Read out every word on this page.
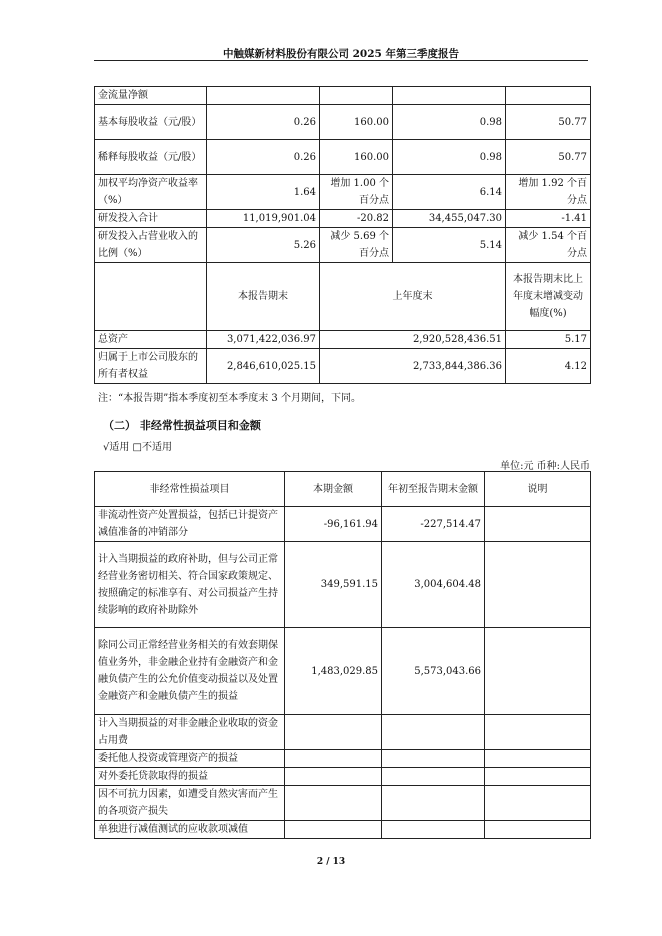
中触媒新材料股份有限公司 2025 年第三季度报告
金流量净额				
基本每股收益（元/股）	0.26	160.00	0.98	50.77
稀释每股收益（元/股）	0.26	160.00	0.98	50.77
加权平均净资产收益率（%）	1.64	增加 1.00 个百分点	6.14	增加 1.92 个百分点
研发投入合计	11,019,901.04	-20.82	34,455,047.30	-1.41
研发投入占营业收入的比例（%）	5.26	减少 5.69 个百分点	5.14	减少 1.54 个百分点
	本报告期末	上年度末		本报告期末比上年度末增减变动幅度(%)
总资产	3,071,422,036.97	2,920,528,436.51		5.17
归属于上市公司股东的所有者权益	2,846,610,025.15	2,733,844,386.36		4.12
注：“本报告期”指本季度初至本季度末 3 个月期间，下同。
（二） 非经常性损益项目和金额
√适用 □不适用
单位:元 币种:人民币
非经常性损益项目	本期金额	年初至报告期末金额	说明
非流动性资产处置损益，包括已计提资产减值准备的冲销部分	-96,161.94	-227,514.47	
计入当期损益的政府补助，但与公司正常经营业务密切相关、符合国家政策规定、按照确定的标准享有、对公司损益产生持续影响的政府补助除外	349,591.15	3,004,604.48	
除同公司正常经营业务相关的有效套期保值业务外，非金融企业持有金融资产和金融负债产生的公允价值变动损益以及处置金融资产和金融负债产生的损益	1,483,029.85	5,573,043.66	
计入当期损益的对非金融企业收取的资金占用费			
委托他人投资或管理资产的损益			
对外委托贷款取得的损益			
因不可抗力因素，如遭受自然灾害而产生的各项资产损失			
单独进行减值测试的应收款项减值			
2 / 13
